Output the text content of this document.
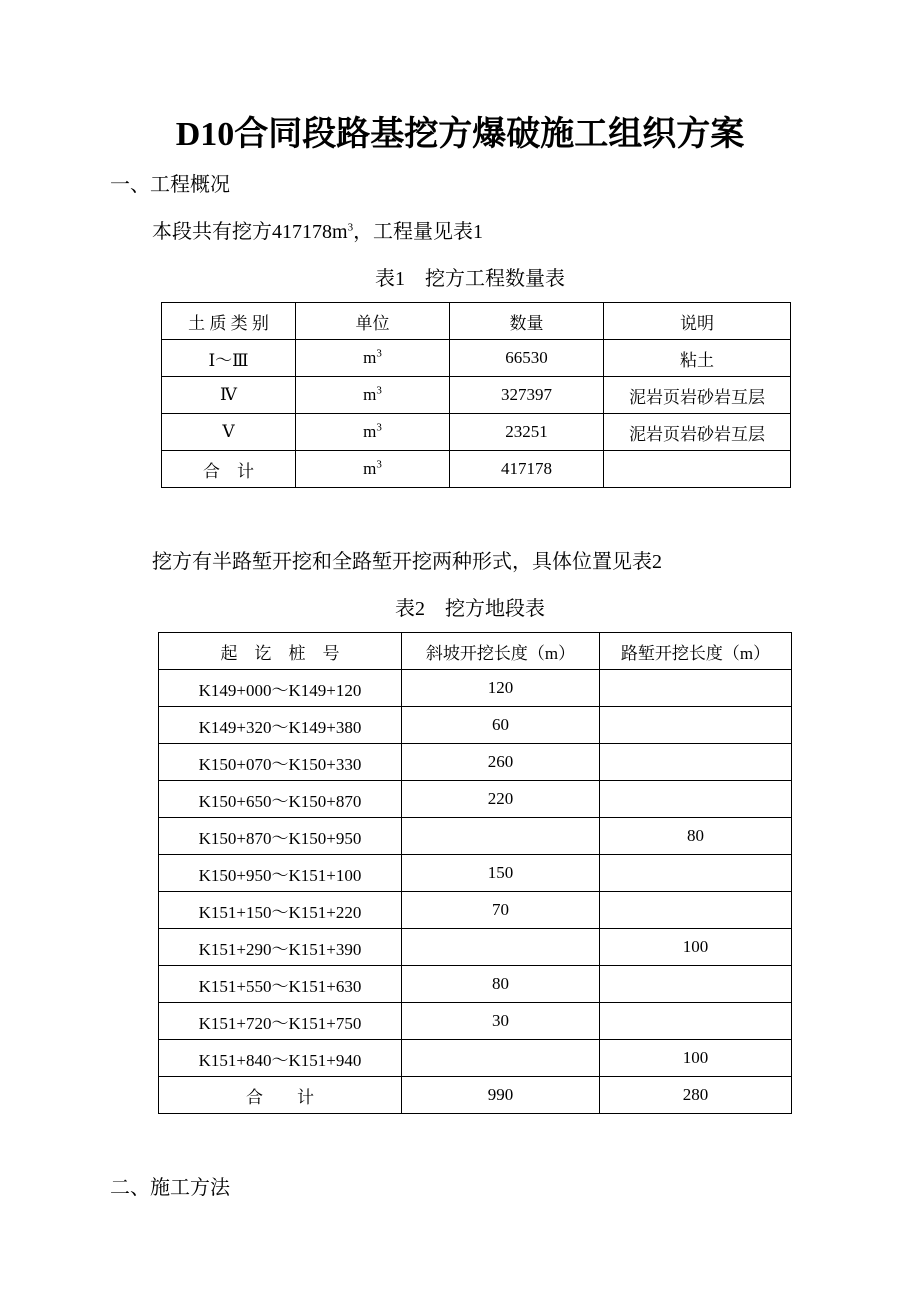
D10合同段路基挖方爆破施工组织方案
一、工程概况
本段共有挖方$417178m^3$，工程量见表1
表1　挖方工程数量表
土 质 类 别	单位	数量	说明
Ⅰ～Ⅲ	$m^3$	66530	粘土
Ⅳ	$m^3$	327397	泥岩页岩砂岩互层
Ⅴ	$m^3$	23251	泥岩页岩砂岩互层
合　计	$m^3$	417178	
挖方有半路堑开挖和全路堑开挖两种形式，具体位置见表2
表2　挖方地段表
起　讫　桩　号	斜坡开挖长度（m）	路堑开挖长度（m）
K149+000～K149+120	120	
K149+320～K149+380	60	
K150+070～K150+330	260	
K150+650～K150+870	220	
K150+870～K150+950		80
K150+950～K151+100	150	
K151+150～K151+220	70	
K151+290～K151+390		100
K151+550～K151+630	80	
K151+720～K151+750	30	
K151+840～K151+940		100
合　　计	990	280
二、施工方法
